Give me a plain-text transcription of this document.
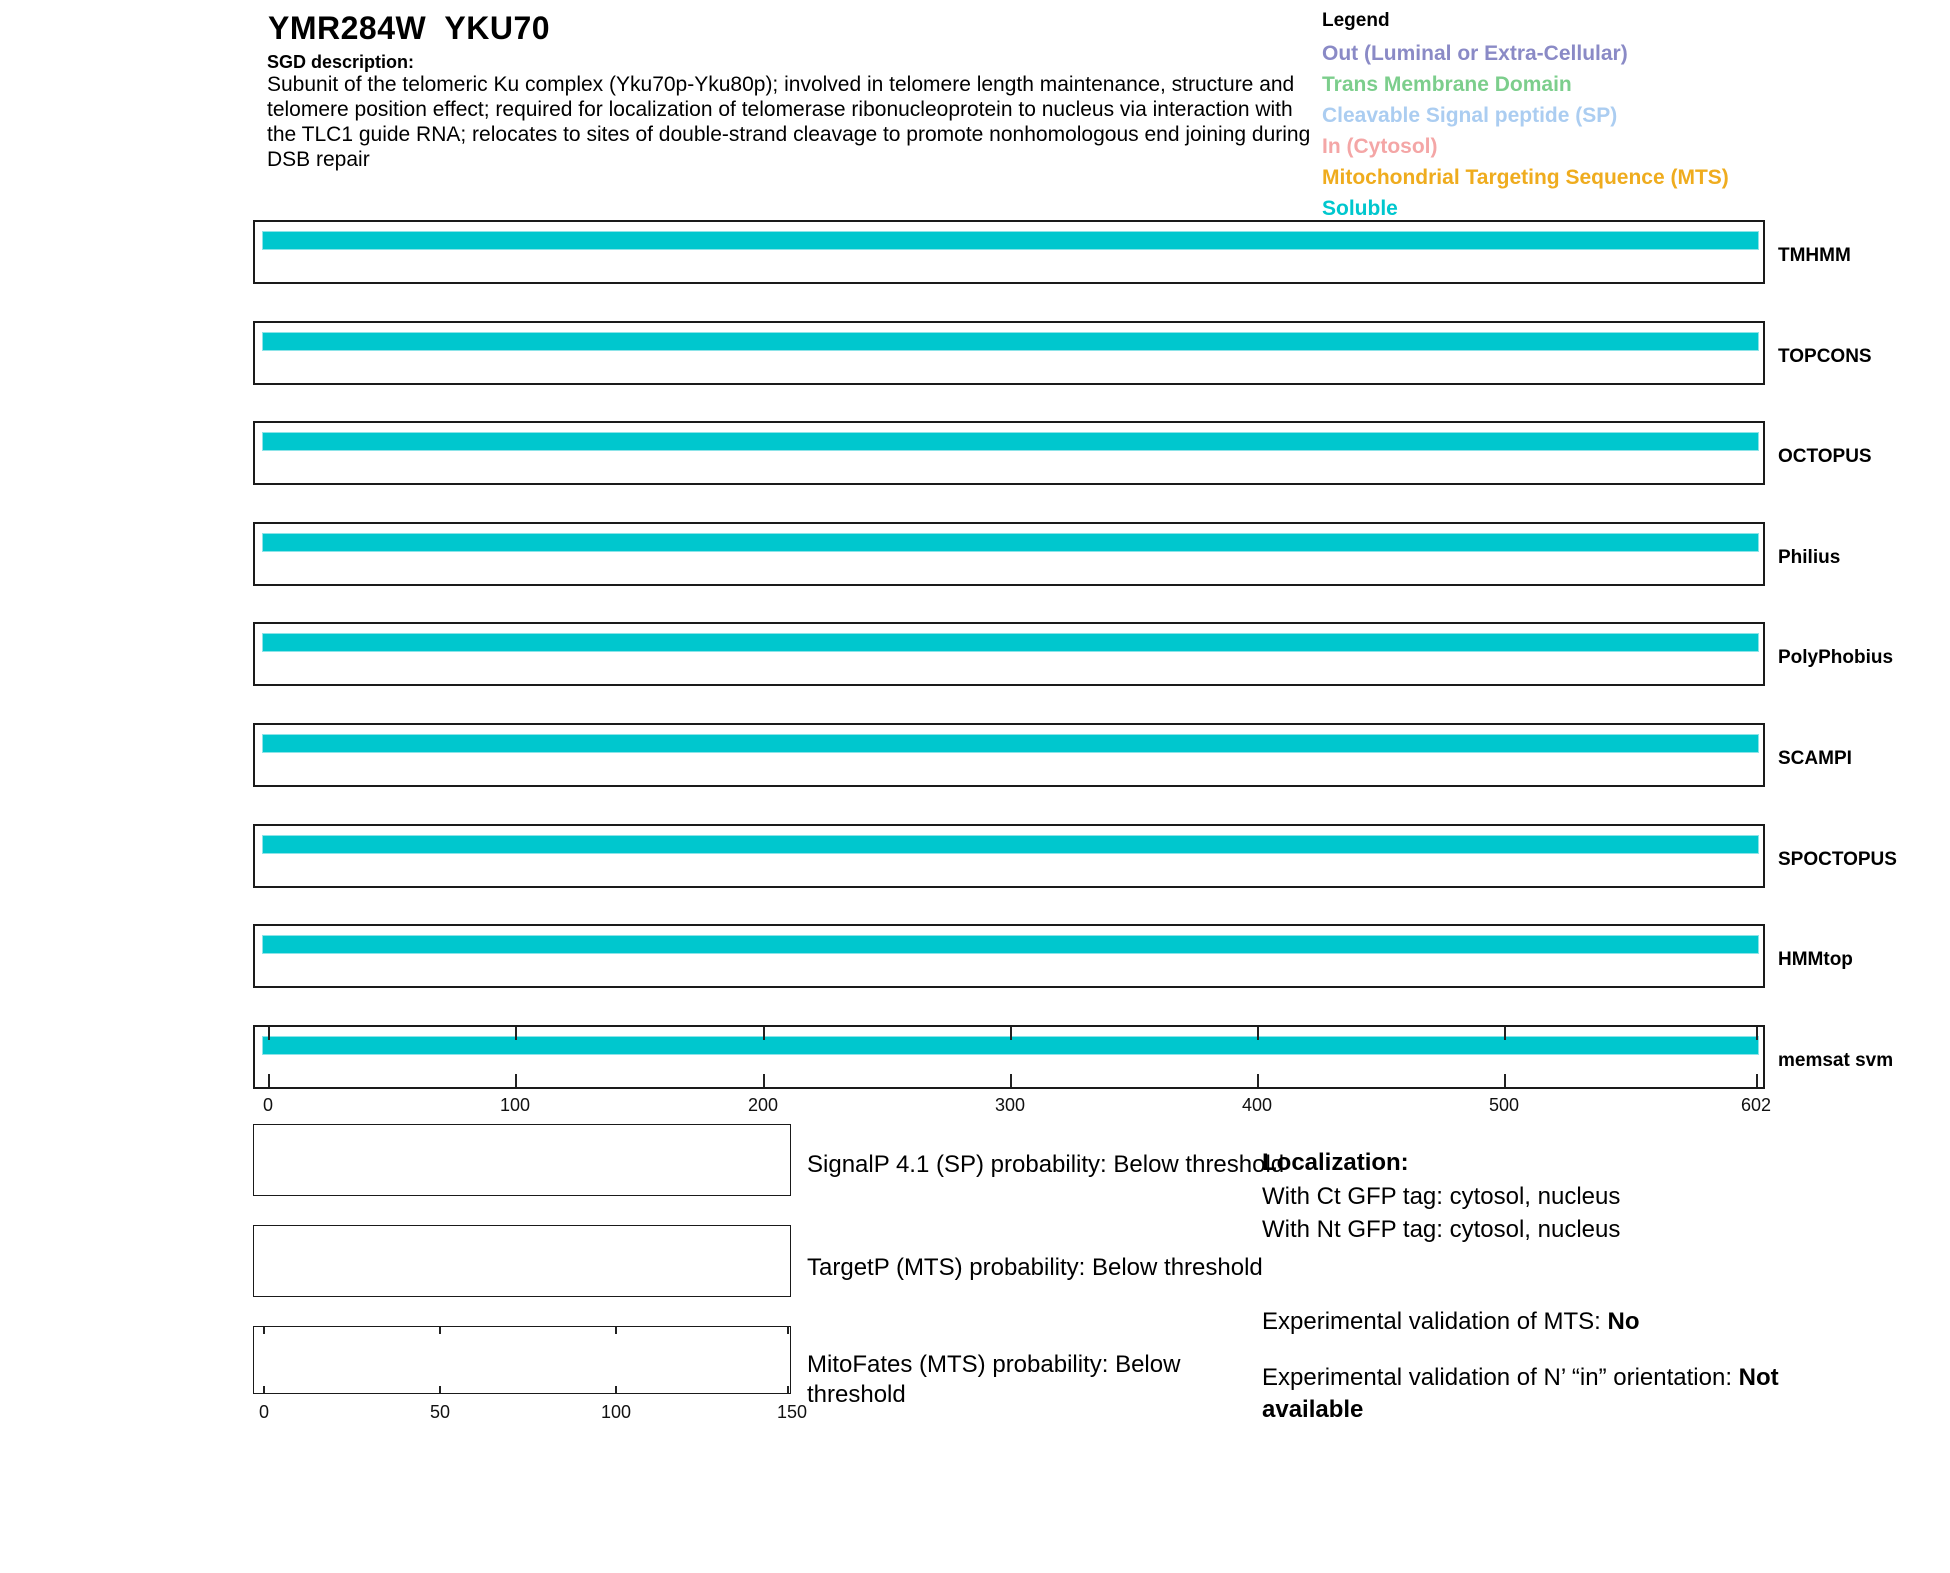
YMR284W  YKU70
SGD description:
Subunit of the telomeric Ku complex (Yku70p-Yku80p); involved in telomere length maintenance, structure and telomere position effect; required for localization of telomerase ribonucleoprotein to nucleus via interaction with the TLC1 guide RNA; relocates to sites of double-strand cleavage to promote nonhomologous end joining during DSB repair
Legend
Out (Luminal or Extra-Cellular)
Trans Membrane Domain
Cleavable Signal peptide (SP)
In (Cytosol)
Mitochondrial Targeting Sequence (MTS)
Soluble
TMHMM
TOPCONS
OCTOPUS
Philius
PolyPhobius
SCAMPI
SPOCTOPUS
HMMtop
memsat svm
0	100	200	300	400	500	602
0	50	100	150
SignalP 4.1 (SP) probability: Below threshold
TargetP (MTS) probability: Below threshold
MitoFates (MTS) probability: Below
threshold
Localization:
With Ct GFP tag: cytosol, nucleus
With Nt GFP tag: cytosol, nucleus
Experimental validation of MTS: No
Experimental validation of N’ “in” orientation: Not
available
